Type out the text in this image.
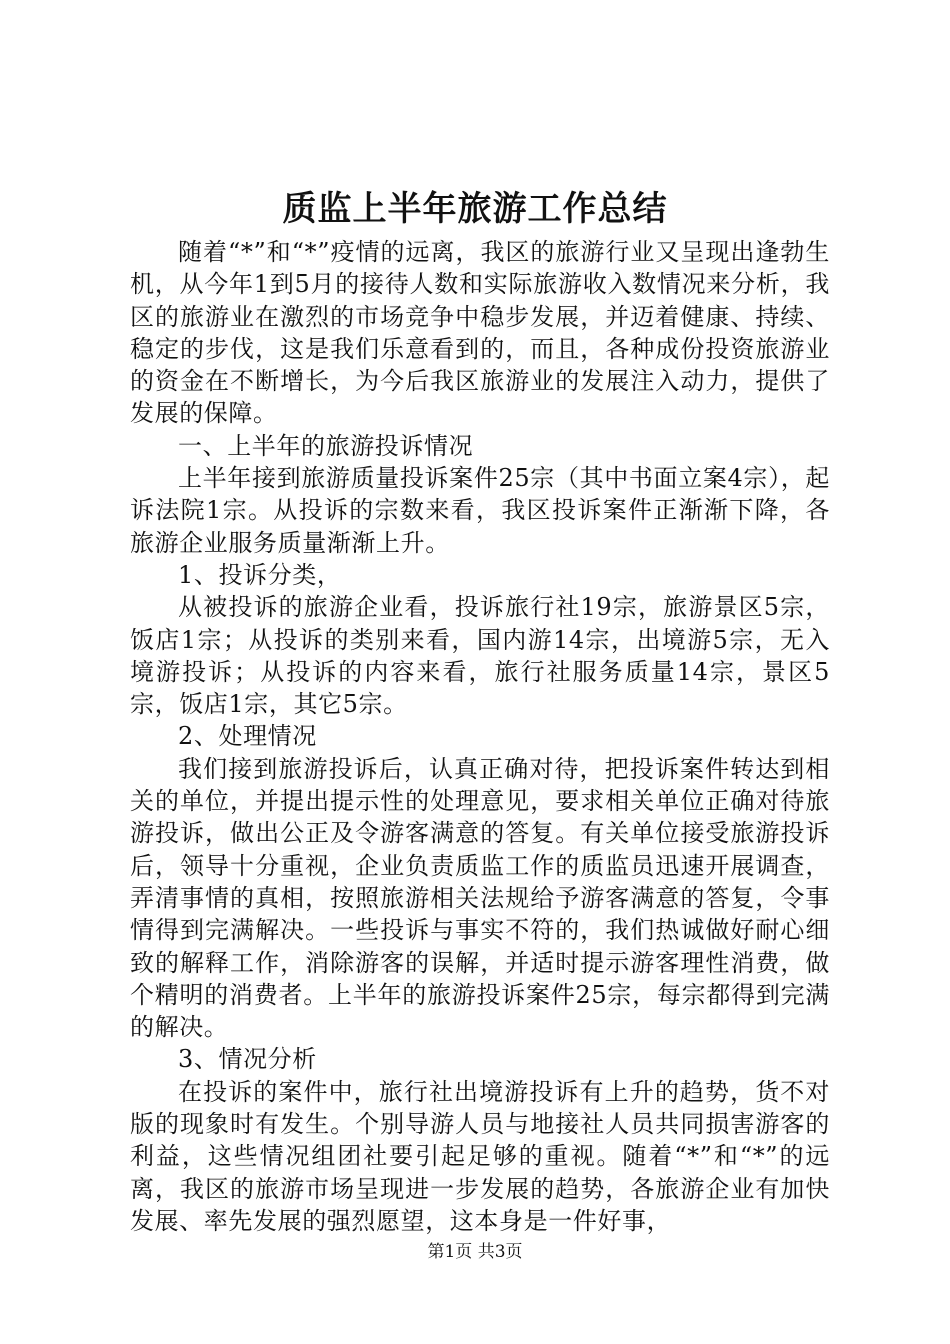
质监上半年旅游工作总结

随着“*”和“*”疫情的远离，我区的旅游行业又呈现出逢勃生机，从今年1到5月的接待人数和实际旅游收入数情况来分析，我区的旅游业在激烈的市场竞争中稳步发展，并迈着健康、持续、稳定的步伐，这是我们乐意看到的，而且，各种成份投资旅游业的资金在不断增长，为今后我区旅游业的发展注入动力，提供了发展的保障。

一、上半年的旅游投诉情况

上半年接到旅游质量投诉案件25宗（其中书面立案4宗），起诉法院1宗。从投诉的宗数来看，我区投诉案件正渐渐下降，各旅游企业服务质量渐渐上升。

1、投诉分类，

从被投诉的旅游企业看，投诉旅行社19宗，旅游景区5宗，饭店1宗；从投诉的类别来看，国内游14宗，出境游5宗，无入境游投诉；从投诉的内容来看，旅行社服务质量14宗，景区5宗，饭店1宗，其它5宗。

2、处理情况

我们接到旅游投诉后，认真正确对待，把投诉案件转达到相关的单位，并提出提示性的处理意见，要求相关单位正确对待旅游投诉，做出公正及令游客满意的答复。有关单位接受旅游投诉后，领导十分重视，企业负责质监工作的质监员迅速开展调查，弄清事情的真相，按照旅游相关法规给予游客满意的答复，令事情得到完满解决。一些投诉与事实不符的，我们热诚做好耐心细致的解释工作，消除游客的误解，并适时提示游客理性消费，做个精明的消费者。上半年的旅游投诉案件25宗，每宗都得到完满的解决。

3、情况分析

在投诉的案件中，旅行社出境游投诉有上升的趋势，货不对版的现象时有发生。个别导游人员与地接社人员共同损害游客的利益，这些情况组团社要引起足够的重视。随着“*”和“*”的远离，我区的旅游市场呈现进一步发展的趋势，各旅游企业有加快发展、率先发展的强烈愿望，这本身是一件好事，

第1页 共3页
